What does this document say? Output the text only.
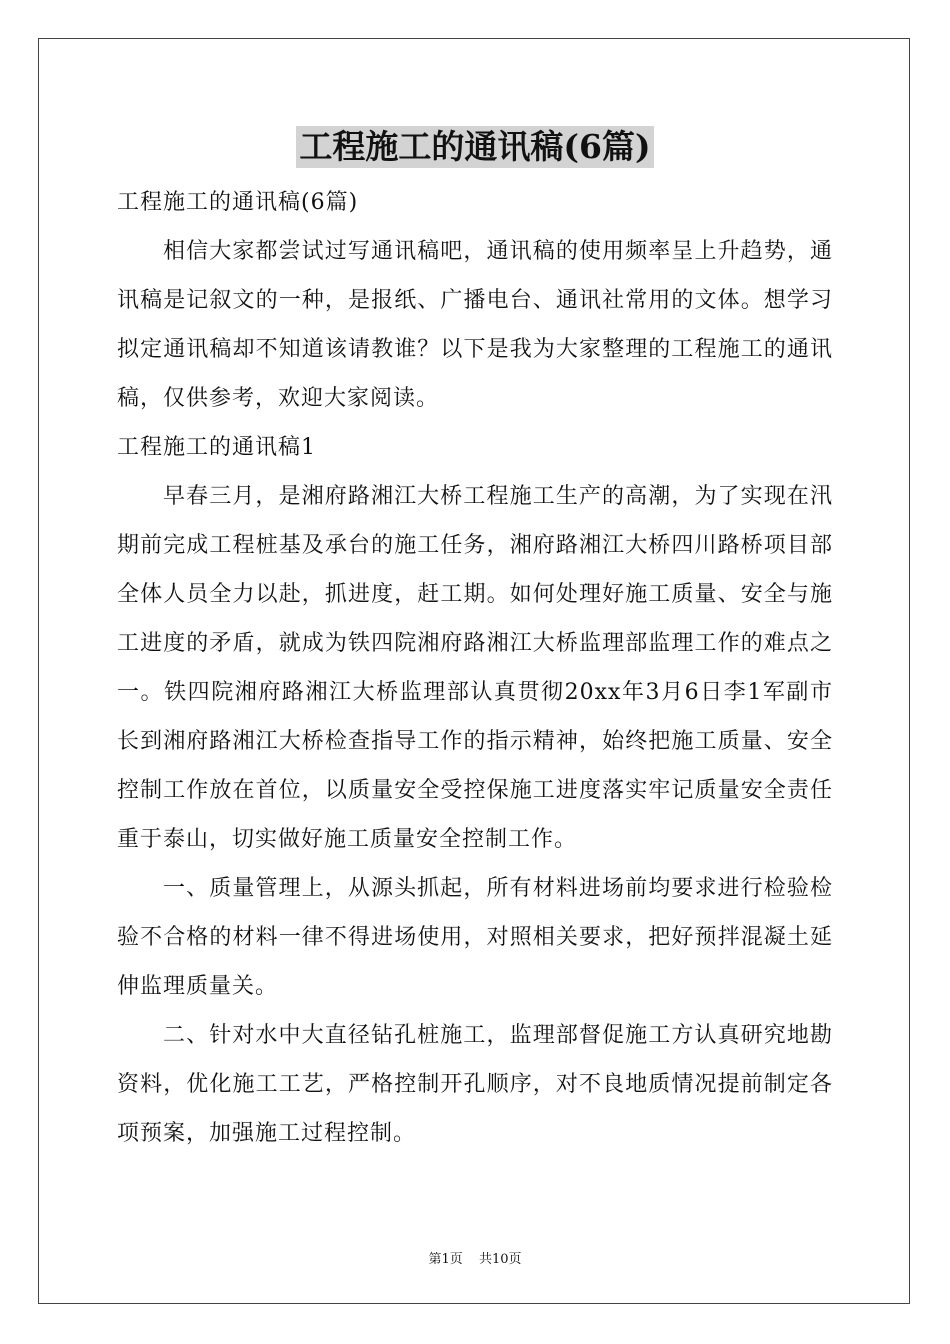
工程施工的通讯稿(6篇)

工程施工的通讯稿(6篇)

相信大家都尝试过写通讯稿吧，通讯稿的使用频率呈上升趋势，通讯稿是记叙文的一种，是报纸、广播电台、通讯社常用的文体。想学习拟定通讯稿却不知道该请教谁？以下是我为大家整理的工程施工的通讯稿，仅供参考，欢迎大家阅读。

工程施工的通讯稿1

早春三月，是湘府路湘江大桥工程施工生产的高潮，为了实现在汛期前完成工程桩基及承台的施工任务，湘府路湘江大桥四川路桥项目部全体人员全力以赴，抓进度，赶工期。如何处理好施工质量、安全与施工进度的矛盾，就成为铁四院湘府路湘江大桥监理部监理工作的难点之一。铁四院湘府路湘江大桥监理部认真贯彻20xx年3月6日李1军副市长到湘府路湘江大桥检查指导工作的指示精神，始终把施工质量、安全控制工作放在首位，以质量安全受控保施工进度落实牢记质量安全责任重于泰山，切实做好施工质量安全控制工作。

一、质量管理上，从源头抓起，所有材料进场前均要求进行检验检验不合格的材料一律不得进场使用，对照相关要求，把好预拌混凝土延伸监理质量关。

二、针对水中大直径钻孔桩施工，监理部督促施工方认真研究地勘资料，优化施工工艺，严格控制开孔顺序，对不良地质情况提前制定各项预案，加强施工过程控制。

第1页 共10页
